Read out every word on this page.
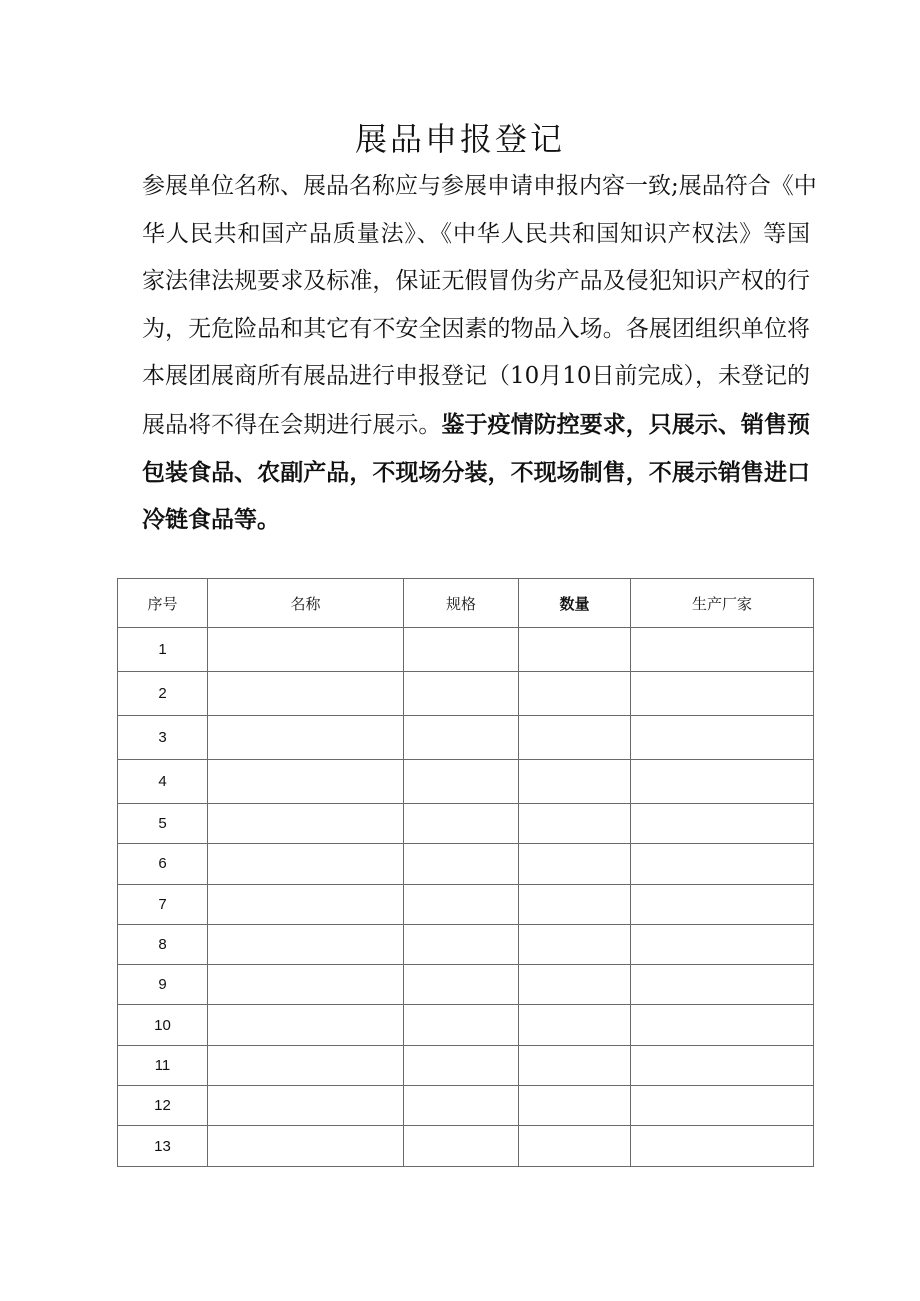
展品申报登记
参展单位名称、展品名称应与参展申请申报内容一致;展品符合《中
华人民共和国产品质量法》、《中华人民共和国知识产权法》等国
家法律法规要求及标准，保证无假冒伪劣产品及侵犯知识产权的行
为，无危险品和其它有不安全因素的物品入场。各展团组织单位将
本展团展商所有展品进行申报登记（10月10日前完成），未登记的
展品将不得在会期进行展示。鉴于疫情防控要求，只展示、销售预
包装食品、农副产品，不现场分装，不现场制售，不展示销售进口
冷链食品等。
序号	名称	规格	数量	生产厂家
1				
2				
3				
4				
5				
6				
7				
8				
9				
10				
11				
12				
13				
